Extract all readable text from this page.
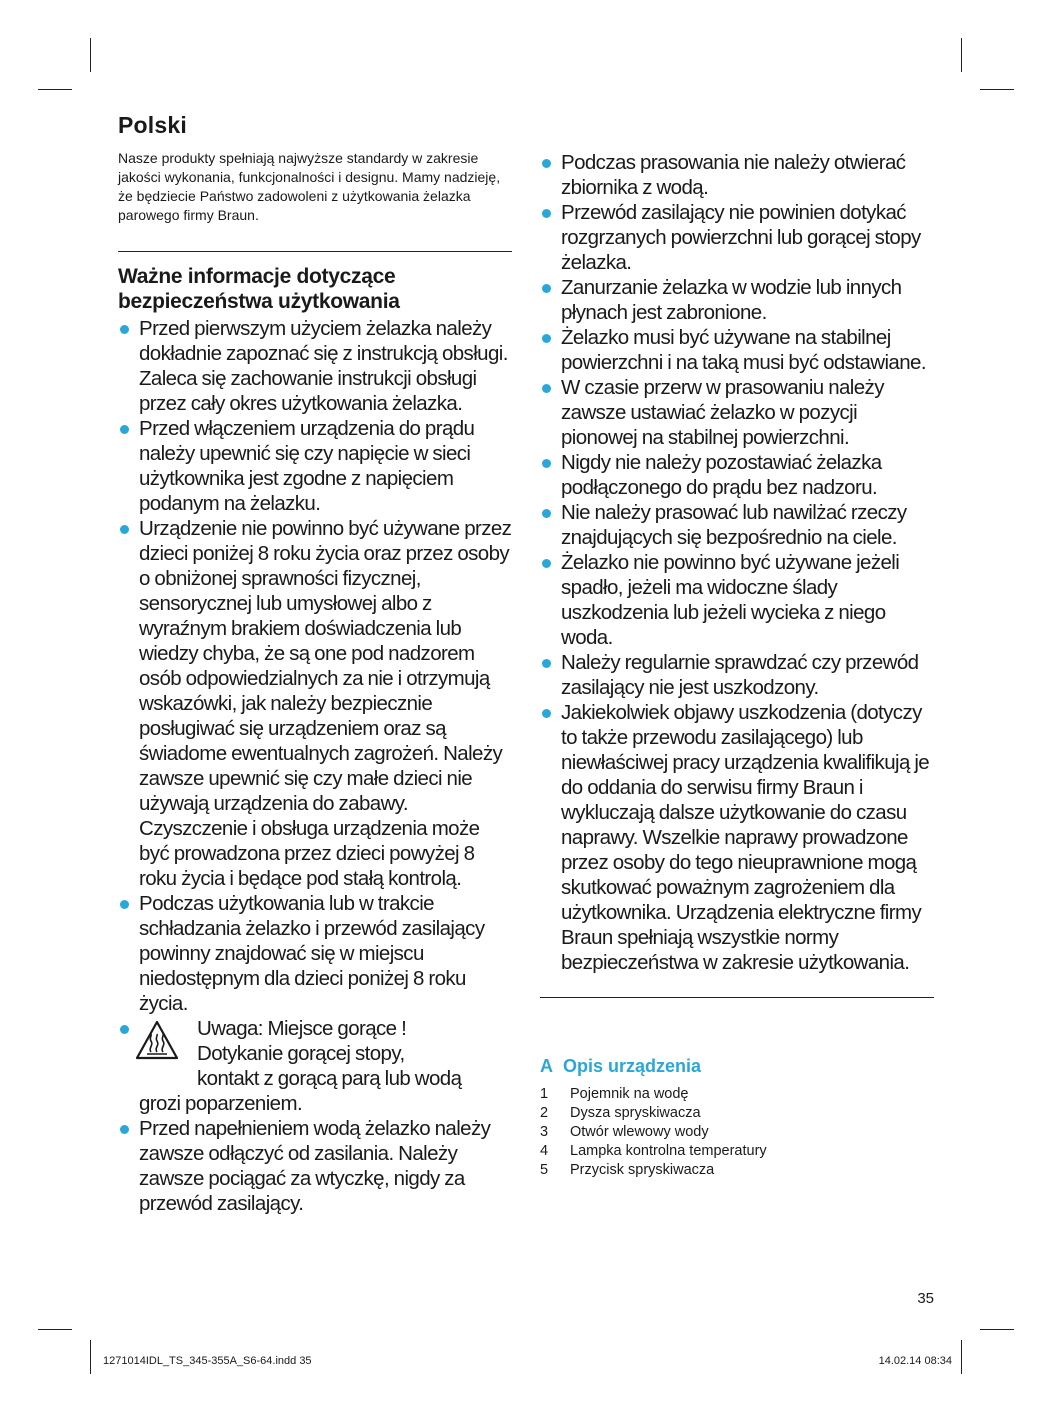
Polski

Nasze produkty spełniają najwyższe standardy w zakresie jakości wykonania, funkcjonalności i designu. Mamy nadzieję, że będziecie Państwo zadowoleni z użytkowania żelazka parowego firmy Braun.

Ważne informacje dotyczące bezpieczeństwa użytkowania
Przed pierwszym użyciem żelazka należy dokładnie zapoznać się z instrukcją obsługi. Zaleca się zachowanie instrukcji obsługi przez cały okres użytkowania żelazka.
Przed włączeniem urządzenia do prądu należy upewnić się czy napięcie w sieci użytkownika jest zgodne z napięciem podanym na żelazku.
Urządzenie nie powinno być używane przez dzieci poniżej 8 roku życia oraz przez osoby o obniżonej sprawności fizycznej, sensorycznej lub umysłowej albo z wyraźnym brakiem doświadczenia lub wiedzy chyba, że są one pod nadzorem osób odpowiedzialnych za nie i otrzymują wskazówki, jak należy bezpiecznie posługiwać się urządzeniem oraz są świadome ewentualnych zagrożeń. Należy zawsze upewnić się czy małe dzieci nie używają urządzenia do zabawy. Czyszczenie i obsługa urządzenia może być prowadzona przez dzieci powyżej 8 roku życia i będące pod stałą kontrolą.
Podczas użytkowania lub w trakcie schładzania żelazko i przewód zasilający powinny znajdować się w miejscu niedostępnym dla dzieci poniżej 8 roku życia.
Uwaga: Miejsce gorące !
Dotykanie gorącej stopy,
kontakt z gorącą parą lub wodą
grozi poparzeniem.
Przed napełnieniem wodą żelazko należy zawsze odłączyć od zasilania. Należy zawsze pociągać za wtyczkę, nigdy za przewód zasilający.
Podczas prasowania nie należy otwierać zbiornika z wodą.
Przewód zasilający nie powinien dotykać rozgrzanych powierzchni lub gorącej stopy żelazka.
Zanurzanie żelazka w wodzie lub innych płynach jest zabronione.
Żelazko musi być używane na stabilnej powierzchni i na taką musi być odstawiane.
W czasie przerw w prasowaniu należy zawsze ustawiać żelazko w pozycji pionowej na stabilnej powierzchni.
Nigdy nie należy pozostawiać żelazka podłączonego do prądu bez nadzoru.
Nie należy prasować lub nawilżać rzeczy znajdujących się bezpośrednio na ciele.
Żelazko nie powinno być używane jeżeli spadło, jeżeli ma widoczne ślady uszkodzenia lub jeżeli wycieka z niego woda.
Należy regularnie sprawdzać czy przewód zasilający nie jest uszkodzony.
Jakiekolwiek objawy uszkodzenia (dotyczy to także przewodu zasilającego) lub niewłaściwej pracy urządzenia kwalifikują je do oddania do serwisu firmy Braun i wykluczają dalsze użytkowanie do czasu naprawy. Wszelkie naprawy prowadzone przez osoby do tego nieuprawnione mogą skutkować poważnym zagrożeniem dla użytkownika. Urządzenia elektryczne firmy Braun spełniają wszystkie normy bezpieczeństwa w zakresie użytkowania.
A Opis urządzenia
1	Pojemnik na wodę
2	Dysza spryskiwacza
3	Otwór wlewowy wody
4	Lampka kontrolna temperatury
5	Przycisk spryskiwacza
35
1271014IDL_TS_345-355A_S6-64.indd 35	14.02.14 08:34
